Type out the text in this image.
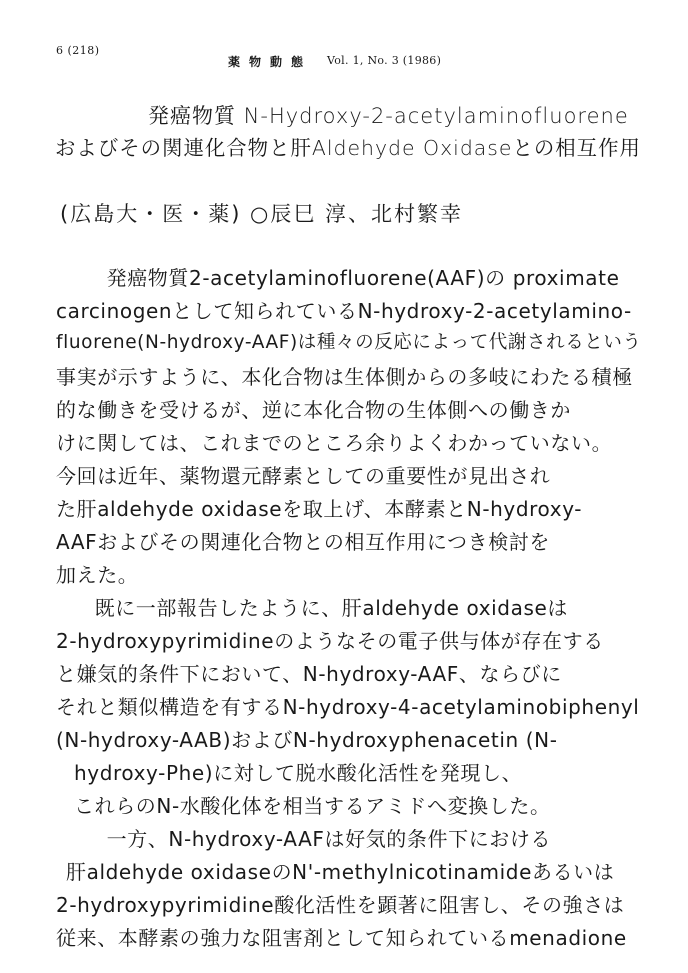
6 (218)
薬物動態 Vol. 1, No. 3 (1986)
発癌物質 N-Hydroxy-2-acetylaminofluorene
およびその関連化合物と肝Aldehyde Oxidaseとの相互作用
(広島大・医・薬) ○辰巳 淳、北村繁幸
　発癌物質2-acetylaminofluorene(AAF)の proximate
carcinogenとして知られているN-hydroxy-2-acetylamino-
fluorene(N-hydroxy-AAF)は種々の反応によって代謝されるという
事実が示すように、本化合物は生体側からの多岐にわたる積極
的な働きを受けるが、逆に本化合物の生体側への働きか
けに関しては、これまでのところ余りよくわかっていない。
今回は近年、薬物還元酵素としての重要性が見出され
た肝aldehyde oxidaseを取上げ、本酵素とN-hydroxy-
AAFおよびその関連化合物との相互作用につき検討を
加えた。
　既に一部報告したように、肝aldehyde oxidaseは
2-hydroxypyrimidineのようなその電子供与体が存在する
と嫌気的条件下において、N-hydroxy-AAF、ならびに
それと類似構造を有するN-hydroxy-4-acetylaminobiphenyl
(N-hydroxy-AAB)およびN-hydroxyphenacetin (N-
hydroxy-Phe)に対して脱水酸化活性を発現し、
これらのN-水酸化体を相当するアミドへ変換した。
　一方、N-hydroxy-AAFは好気的条件下における
肝aldehyde oxidaseのN'-methylnicotinamideあるいは
2-hydroxypyrimidine酸化活性を顕著に阻害し、その強さは
従来、本酵素の強力な阻害剤として知られているmenadione
